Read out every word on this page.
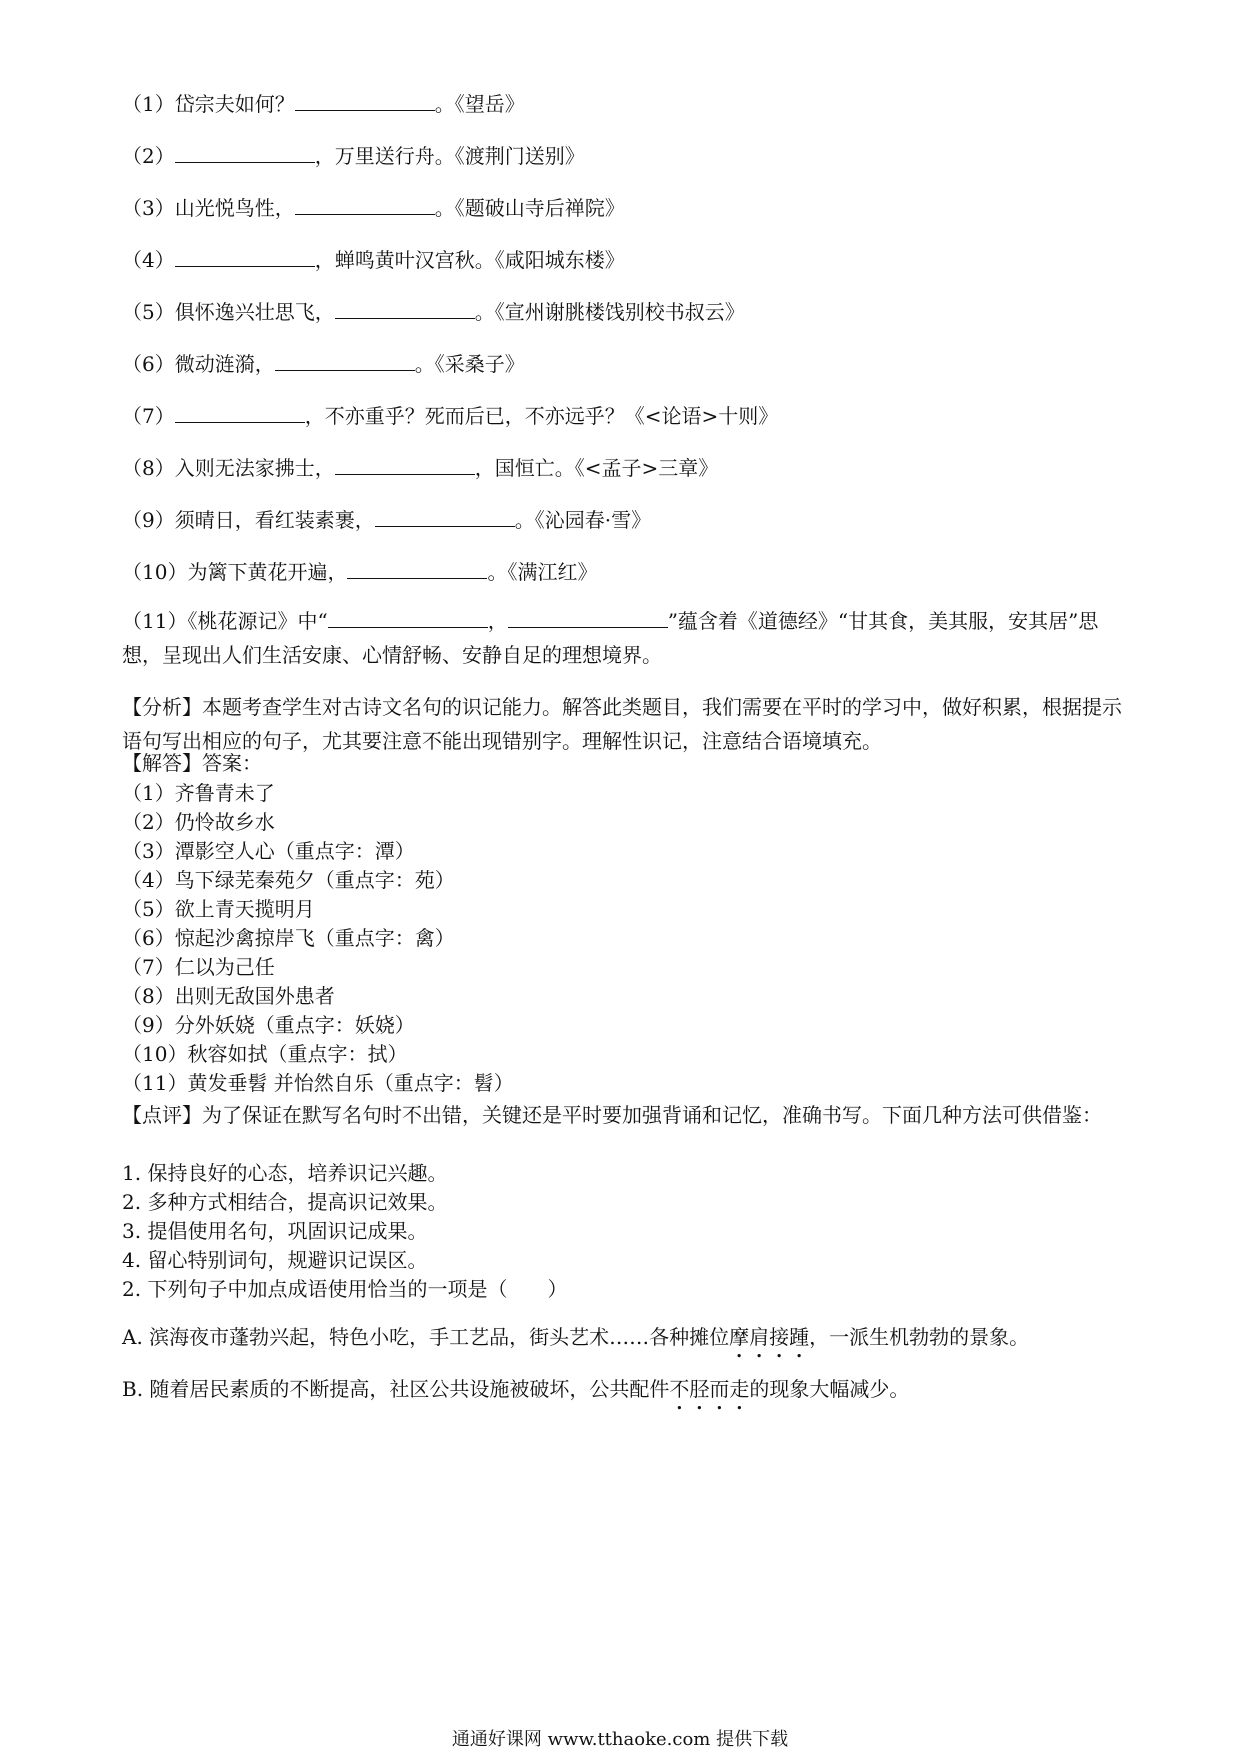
（1）岱宗夫如何？	。《望岳》
（2）	，万里送行舟。《渡荆门送别》
（3）山光悦鸟性，	。《题破山寺后禅院》
（4）	，蝉鸣黄叶汉宫秋。《咸阳城东楼》
（5）俱怀逸兴壮思飞，	。《宣州谢朓楼饯别校书叔云》
（6）微动涟漪，	。《采桑子》
（7）	，不亦重乎？死而后已，不亦远乎？《<论语>十则》
（8）入则无法家拂士，	，国恒亡。《<孟子>三章》
（9）须晴日，看红装素裹，	。《沁园春·雪》
（10）为篱下黄花开遍，	。《满江红》
（11）《桃花源记》中“	，	”蕴含着《道德经》“甘其食，美其服，安其居”思想，呈现出人们生活安康、心情舒畅、安静自足的理想境界。
【分析】本题考查学生对古诗文名句的识记能力。解答此类题目，我们需要在平时的学习中，做好积累，根据提示语句写出相应的句子，尤其要注意不能出现错别字。理解性识记，注意结合语境填充。
【解答】答案：
（1）齐鲁青未了
（2）仍怜故乡水
（3）潭影空人心（重点字：潭）
（4）鸟下绿芜秦苑夕（重点字：苑）
（5）欲上青天揽明月
（6）惊起沙禽掠岸飞（重点字：禽）
（7）仁以为己任
（8）出则无敌国外患者
（9）分外妖娆（重点字：妖娆）
（10）秋容如拭（重点字：拭）
（11）黄发垂髫 并怡然自乐（重点字：髫）
【点评】为了保证在默写名句时不出错，关键还是平时要加强背诵和记忆，准确书写。下面几种方法可供借鉴：
1. 保持良好的心态，培养识记兴趣。
2. 多种方式相结合，提高识记效果。
3. 提倡使用名句，巩固识记成果。
4. 留心特别词句，规避识记误区。
2. 下列句子中加点成语使用恰当的一项是（　　）
A. 滨海夜市蓬勃兴起，特色小吃，手工艺品，街头艺术……各种摊位摩肩接踵，一派生机勃勃的景象。
B. 随着居民素质的不断提高，社区公共设施被破坏，公共配件不胫而走的现象大幅减少。
通通好课网 www.tthaoke.com 提供下载
